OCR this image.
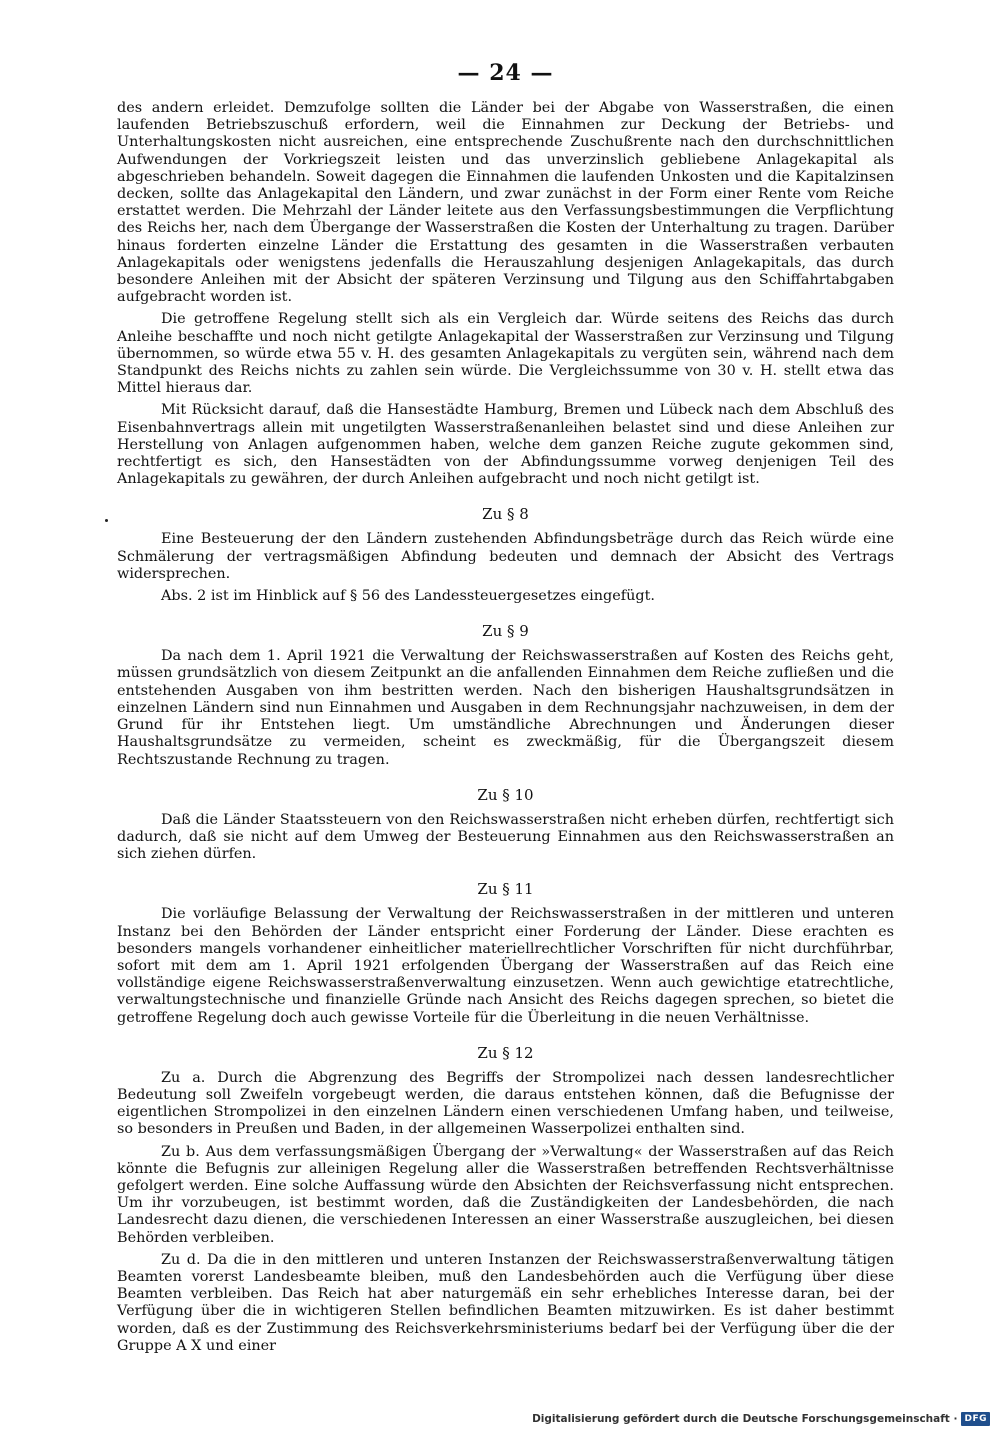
— 24 —

des andern erleidet. Demzufolge sollten die Länder bei der Abgabe von Wasserstraßen, die einen laufenden Betriebszuschuß erfordern, weil die Einnahmen zur Deckung der Betriebs- und Unterhaltungskosten nicht ausreichen, eine entsprechende Zuschußrente nach den durchschnittlichen Aufwendungen der Vorkriegszeit leisten und das unverzinslich gebliebene Anlagekapital als abgeschrieben behandeln. Soweit dagegen die Einnahmen die laufenden Unkosten und die Kapitalzinsen decken, sollte das Anlagekapital den Ländern, und zwar zunächst in der Form einer Rente vom Reiche erstattet werden. Die Mehrzahl der Länder leitete aus den Verfassungsbestimmungen die Verpflichtung des Reichs her, nach dem Übergange der Wasserstraßen die Kosten der Unterhaltung zu tragen. Darüber hinaus forderten einzelne Länder die Erstattung des gesamten in die Wasserstraßen verbauten Anlagekapitals oder wenigstens jedenfalls die Herauszahlung desjenigen Anlagekapitals, das durch besondere Anleihen mit der Absicht der späteren Verzinsung und Tilgung aus den Schiffahrtabgaben aufgebracht worden ist.

Die getroffene Regelung stellt sich als ein Vergleich dar. Würde seitens des Reichs das durch Anleihe beschaffte und noch nicht getilgte Anlagekapital der Wasserstraßen zur Verzinsung und Tilgung übernommen, so würde etwa 55 v. H. des gesamten Anlagekapitals zu vergüten sein, während nach dem Standpunkt des Reichs nichts zu zahlen sein würde. Die Vergleichssumme von 30 v. H. stellt etwa das Mittel hieraus dar.

Mit Rücksicht darauf, daß die Hansestädte Hamburg, Bremen und Lübeck nach dem Abschluß des Eisenbahnvertrags allein mit ungetilgten Wasserstraßenanleihen belastet sind und diese Anleihen zur Herstellung von Anlagen aufgenommen haben, welche dem ganzen Reiche zugute gekommen sind, rechtfertigt es sich, den Hansestädten von der Abfindungssumme vorweg denjenigen Teil des Anlagekapitals zu gewähren, der durch Anleihen aufgebracht und noch nicht getilgt ist.

Zu § 8

Eine Besteuerung der den Ländern zustehenden Abfindungsbeträge durch das Reich würde eine Schmälerung der vertragsmäßigen Abfindung bedeuten und demnach der Absicht des Vertrags widersprechen.

Abs. 2 ist im Hinblick auf § 56 des Landessteuergesetzes eingefügt.

Zu § 9

Da nach dem 1. April 1921 die Verwaltung der Reichswasserstraßen auf Kosten des Reichs geht, müssen grundsätzlich von diesem Zeitpunkt an die anfallenden Einnahmen dem Reiche zufließen und die entstehenden Ausgaben von ihm bestritten werden. Nach den bisherigen Haushaltsgrundsätzen in einzelnen Ländern sind nun Einnahmen und Ausgaben in dem Rechnungsjahr nachzuweisen, in dem der Grund für ihr Entstehen liegt. Um umständliche Abrechnungen und Änderungen dieser Haushaltsgrundsätze zu vermeiden, scheint es zweckmäßig, für die Übergangszeit diesem Rechtszustande Rechnung zu tragen.

Zu § 10

Daß die Länder Staatssteuern von den Reichswasserstraßen nicht erheben dürfen, rechtfertigt sich dadurch, daß sie nicht auf dem Umweg der Besteuerung Einnahmen aus den Reichswasserstraßen an sich ziehen dürfen.

Zu § 11

Die vorläufige Belassung der Verwaltung der Reichswasserstraßen in der mittleren und unteren Instanz bei den Behörden der Länder entspricht einer Forderung der Länder. Diese erachten es besonders mangels vorhandener einheitlicher materiellrechtlicher Vorschriften für nicht durchführbar, sofort mit dem am 1. April 1921 erfolgenden Übergang der Wasserstraßen auf das Reich eine vollständige eigene Reichswasserstraßenverwaltung einzusetzen. Wenn auch gewichtige etatrechtliche, verwaltungstechnische und finanzielle Gründe nach Ansicht des Reichs dagegen sprechen, so bietet die getroffene Regelung doch auch gewisse Vorteile für die Überleitung in die neuen Verhältnisse.

Zu § 12

Zu a. Durch die Abgrenzung des Begriffs der Strompolizei nach dessen landesrechtlicher Bedeutung soll Zweifeln vorgebeugt werden, die daraus entstehen können, daß die Befugnisse der eigentlichen Strompolizei in den einzelnen Ländern einen verschiedenen Umfang haben, und teilweise, so besonders in Preußen und Baden, in der allgemeinen Wasserpolizei enthalten sind.

Zu b. Aus dem verfassungsmäßigen Übergang der »Verwaltung« der Wasserstraßen auf das Reich könnte die Befugnis zur alleinigen Regelung aller die Wasserstraßen betreffenden Rechtsverhältnisse gefolgert werden. Eine solche Auffassung würde den Absichten der Reichsverfassung nicht entsprechen. Um ihr vorzubeugen, ist bestimmt worden, daß die Zuständigkeiten der Landesbehörden, die nach Landesrecht dazu dienen, die verschiedenen Interessen an einer Wasserstraße auszugleichen, bei diesen Behörden verbleiben.

Zu d. Da die in den mittleren und unteren Instanzen der Reichswasserstraßenverwaltung tätigen Beamten vorerst Landesbeamte bleiben, muß den Landesbehörden auch die Verfügung über diese Beamten verbleiben. Das Reich hat aber naturgemäß ein sehr erhebliches Interesse daran, bei der Verfügung über die in wichtigeren Stellen befindlichen Beamten mitzuwirken. Es ist daher bestimmt worden, daß es der Zustimmung des Reichsverkehrsministeriums bedarf bei der Verfügung über die der Gruppe A X und einer

Digitalisierung gefördert durch die Deutsche Forschungsgemeinschaft · DFG
